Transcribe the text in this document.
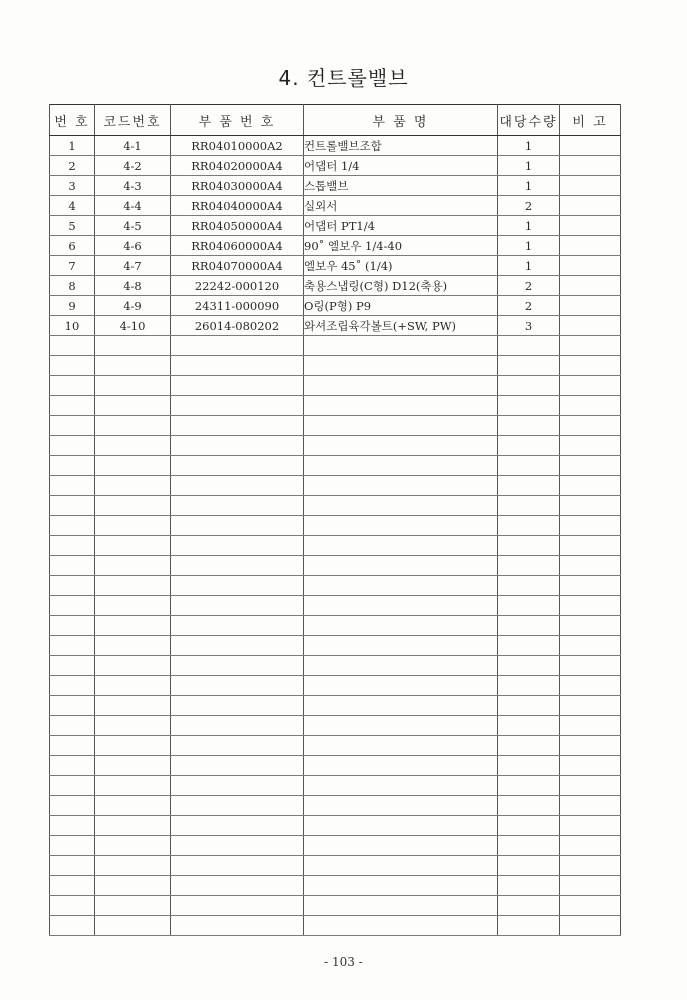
4. 컨트롤밸브
번 호	코드번호	부 품 번 호	부 품 명	대당수량	비 고
1	4-1	RR04010000A2	컨트롤밸브조합	1	
2	4-2	RR04020000A4	어댑터 1/4	1	
3	4-3	RR04030000A4	스톱밸브	1	
4	4-4	RR04040000A4	실외서	2	
5	4-5	RR04050000A4	어댑터 PT1/4	1	
6	4-6	RR04060000A4	90˚ 엘보우 1/4-40	1	
7	4-7	RR04070000A4	엘보우 45˚ (1/4)	1	
8	4-8	22242-000120	축용스냅링(C형) D12(축용)	2	
9	4-9	24311-000090	O링(P형) P9	2	
10	4-10	26014-080202	와셔조립육각볼트(+SW, PW)	3	

- 103 -
